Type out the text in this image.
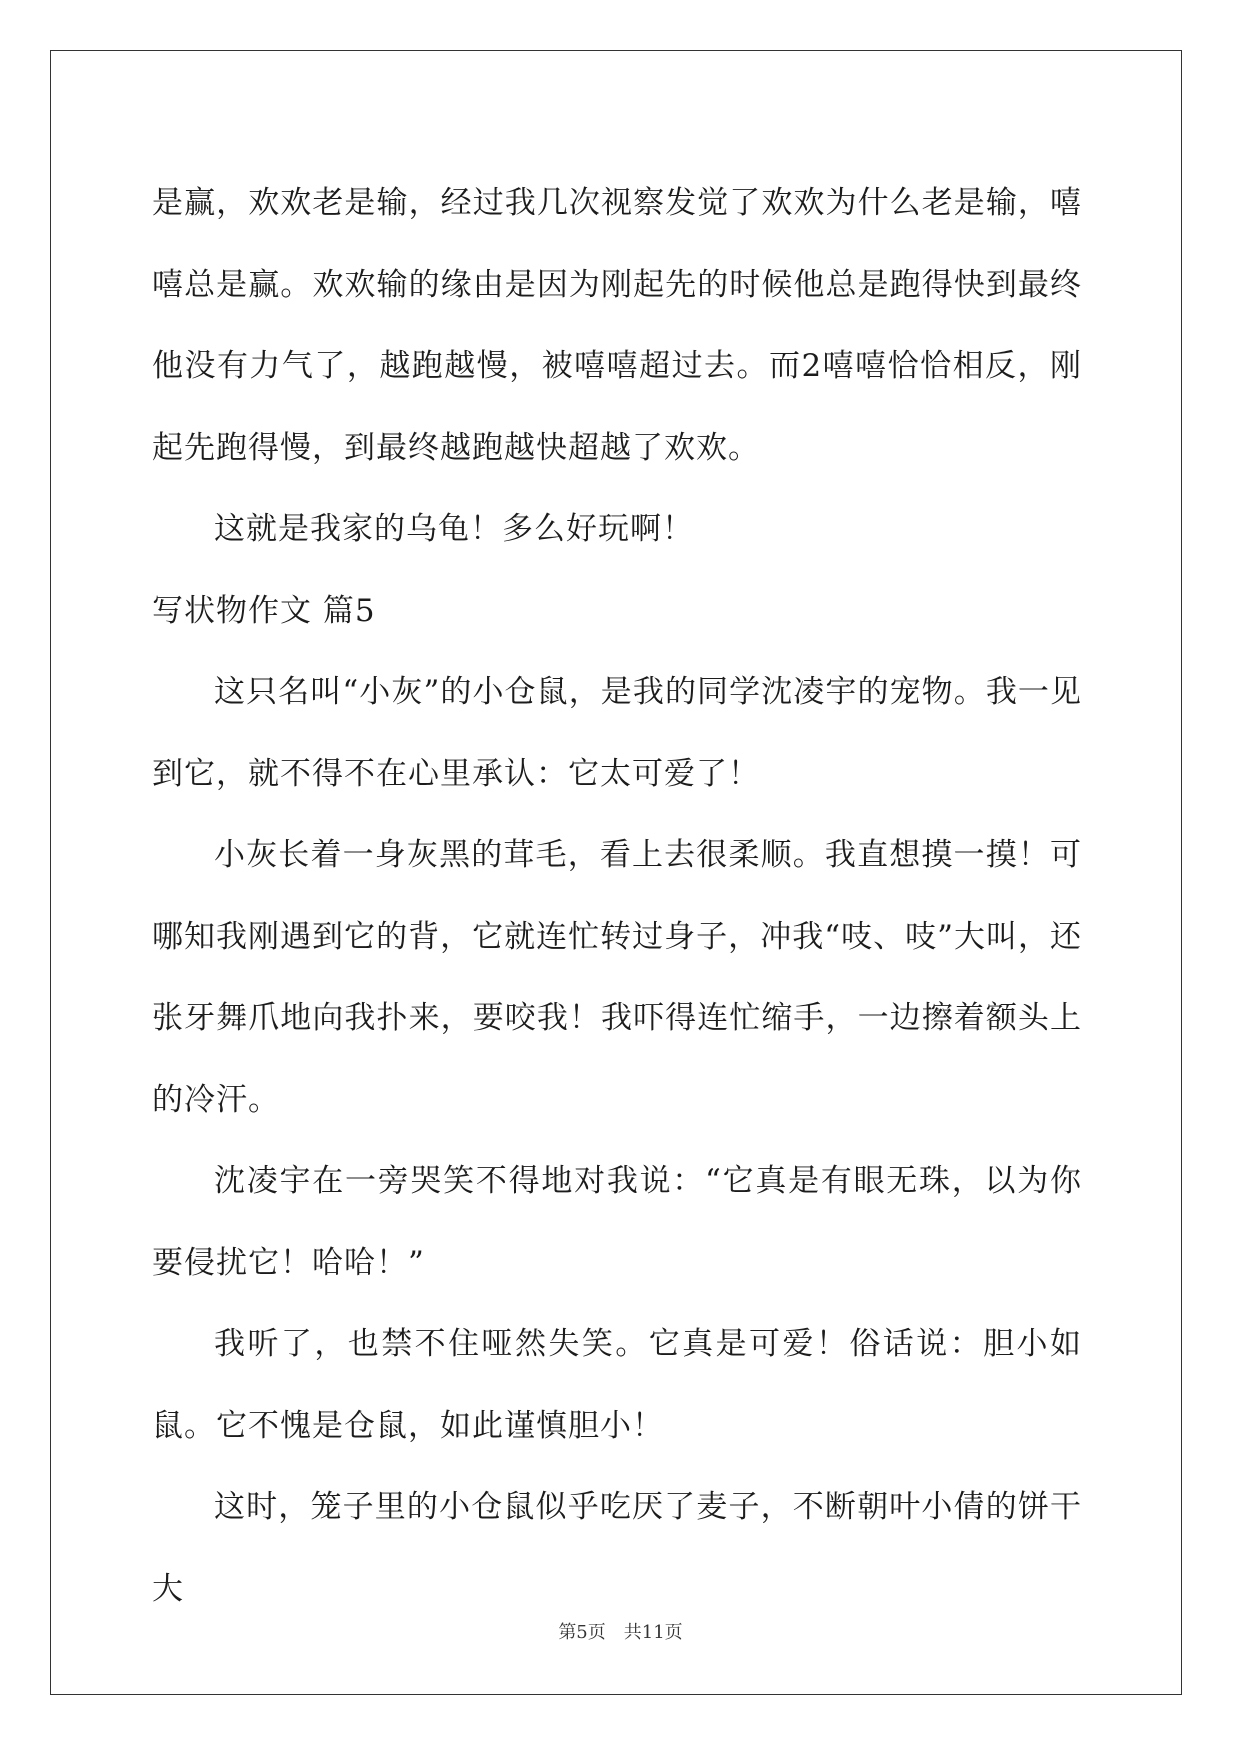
是赢，欢欢老是输，经过我几次视察发觉了欢欢为什么老是输，嘻嘻总是赢。欢欢输的缘由是因为刚起先的时候他总是跑得快到最终他没有力气了，越跑越慢，被嘻嘻超过去。而2嘻嘻恰恰相反，刚起先跑得慢，到最终越跑越快超越了欢欢。

这就是我家的乌龟！多么好玩啊！

写状物作文 篇5

这只名叫“小灰”的小仓鼠，是我的同学沈凌宇的宠物。我一见到它，就不得不在心里承认：它太可爱了！

小灰长着一身灰黑的茸毛，看上去很柔顺。我直想摸一摸！可哪知我刚遇到它的背，它就连忙转过身子，冲我“吱、吱”大叫，还张牙舞爪地向我扑来，要咬我！我吓得连忙缩手，一边擦着额头上的冷汗。

沈凌宇在一旁哭笑不得地对我说：“它真是有眼无珠，以为你要侵扰它！哈哈！”

我听了，也禁不住哑然失笑。它真是可爱！俗话说：胆小如鼠。它不愧是仓鼠，如此谨慎胆小！

这时，笼子里的小仓鼠似乎吃厌了麦子，不断朝叶小倩的饼干大

第5页　共11页
